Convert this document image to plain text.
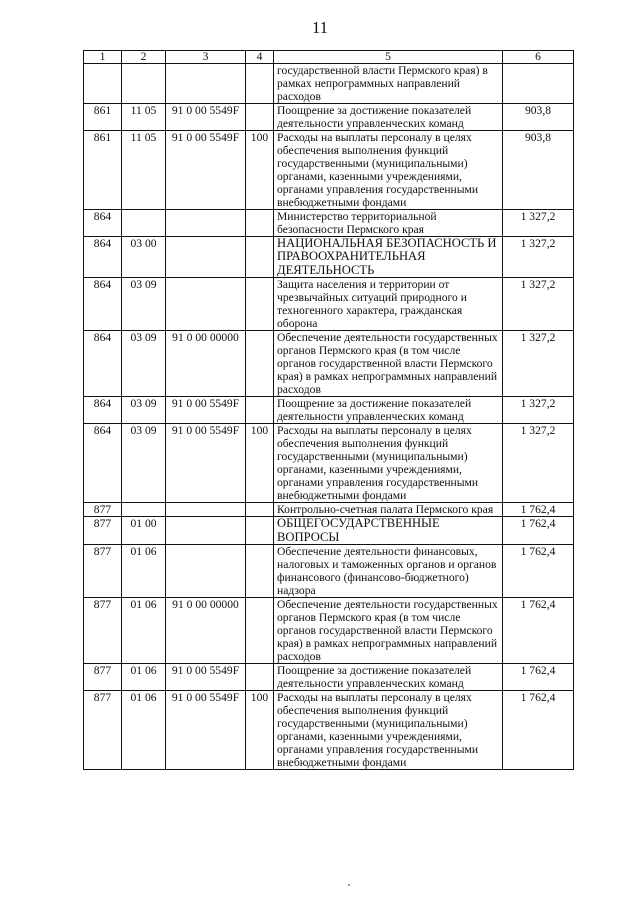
11
1	2	3	4	5	6
				государственной власти Пермского края) в рамках непрограммных направлений расходов	
861	11 05	91 0 00 5549F		Поощрение за достижение показателей деятельности управленческих команд	903,8
861	11 05	91 0 00 5549F	100	Расходы на выплаты персоналу в целях обеспечения выполнения функций государственными (муниципальными) органами, казенными учреждениями, органами управления государственными внебюджетными фондами	903,8
864				Министерство территориальной безопасности Пермского края	1 327,2
864	03 00			НАЦИОНАЛЬНАЯ БЕЗОПАСНОСТЬ И ПРАВООХРАНИТЕЛЬНАЯ ДЕЯТЕЛЬНОСТЬ	1 327,2
864	03 09			Защита населения и территории от чрезвычайных ситуаций природного и техногенного характера, гражданская оборона	1 327,2
864	03 09	91 0 00 00000		Обеспечение деятельности государственных органов Пермского края (в том числе органов государственной власти Пермского края) в рамках непрограммных направлений расходов	1 327,2
864	03 09	91 0 00 5549F		Поощрение за достижение показателей деятельности управленческих команд	1 327,2
864	03 09	91 0 00 5549F	100	Расходы на выплаты персоналу в целях обеспечения выполнения функций государственными (муниципальными) органами, казенными учреждениями, органами управления государственными внебюджетными фондами	1 327,2
877				Контрольно-счетная палата Пермского края	1 762,4
877	01 00			ОБЩЕГОСУДАРСТВЕННЫЕ ВОПРОСЫ	1 762,4
877	01 06			Обеспечение деятельности финансовых, налоговых и таможенных органов и органов финансового (финансово-бюджетного) надзора	1 762,4
877	01 06	91 0 00 00000		Обеспечение деятельности государственных органов Пермского края (в том числе органов государственной власти Пермского края) в рамках непрограммных направлений расходов	1 762,4
877	01 06	91 0 00 5549F		Поощрение за достижение показателей деятельности управленческих команд	1 762,4
877	01 06	91 0 00 5549F	100	Расходы на выплаты персоналу в целях обеспечения выполнения функций государственными (муниципальными) органами, казенными учреждениями, органами управления государственными внебюджетными фондами	1 762,4
